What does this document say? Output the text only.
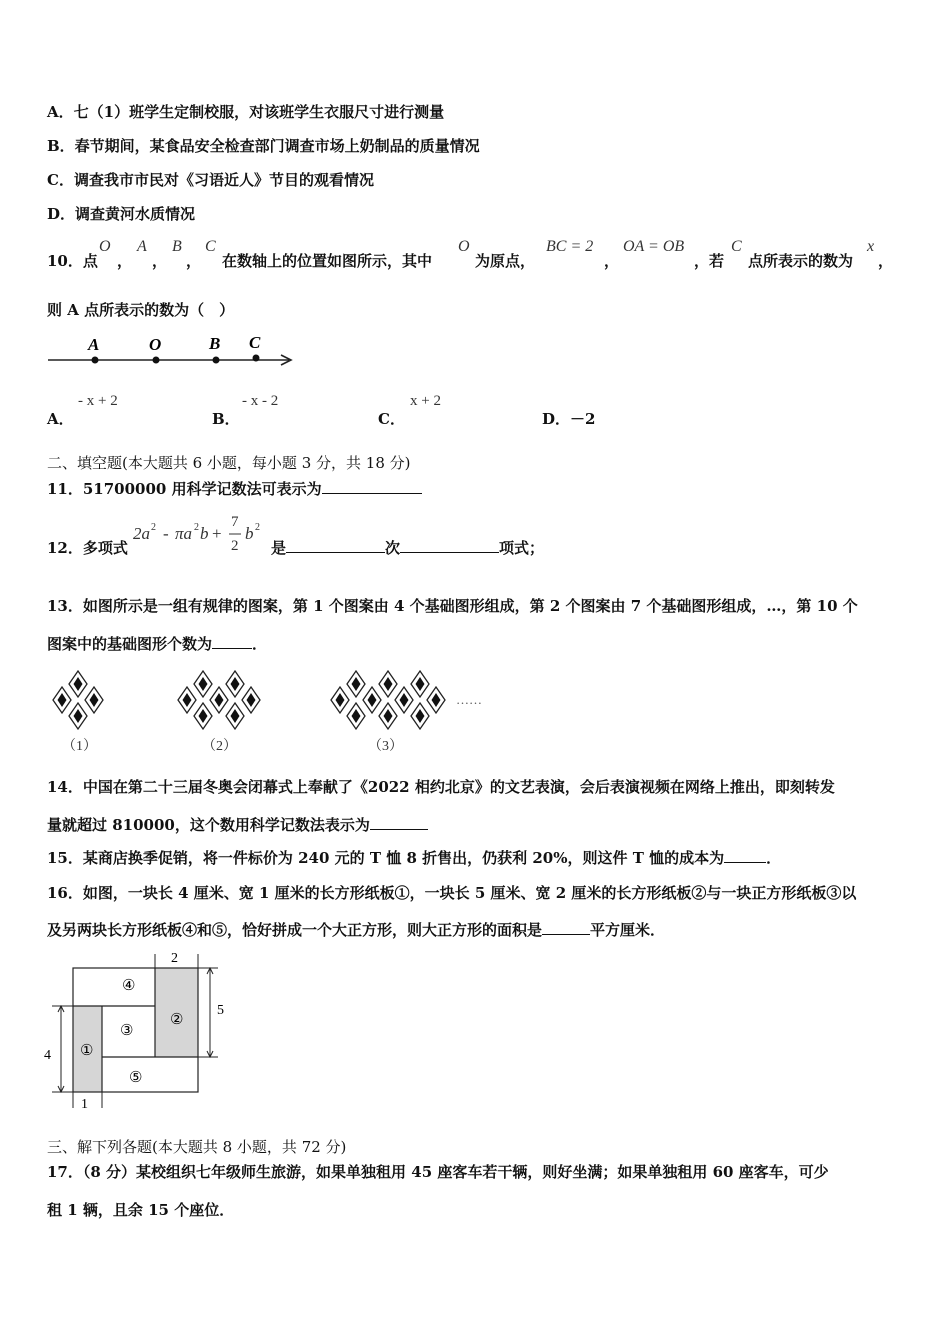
A．七（1）班学生定制校服，对该班学生衣服尺寸进行测量
B．春节期间，某食品安全检查部门调查市场上奶制品的质量情况
C．调查我市市民对《习语近人》节目的观看情况
D．调查黄河水质情况
10．点
O
，
A
，
B
，
C
在数轴上的位置如图所示，其中
O
为原点，
BC = 2
，
OA = OB
，若
C
点所表示的数为
x
，
则 A 点所表示的数为（　）
A	O	B C
A．
- x + 2
B．
- x - 2
C．
x + 2
D．－2
二、填空题(本大题共 6 小题，每小题 3 分，共 18 分)
11．51700000 用科学记数法可表示为
12．多项式
2a 2 - πa 2 b +
7
2
b 2
是	次	项式；
13．如图所示是一组有规律的图案，第 1 个图案由 4 个基础图形组成，第 2 个图案由 7 个基础图形组成，…，第 10 个
图案中的基础图形个数为	．
……
（1）	（2）	（3）
14．中国在第二十三届冬奥会闭幕式上奉献了《2022 相约北京》的文艺表演，会后表演视频在网络上推出，即刻转发
量就超过 810000，这个数用科学记数法表示为
15．某商店换季促销，将一件标价为 240 元的 T 恤 8 折售出，仍获利 20%，则这件 T 恤的成本为	．
16．如图，一块长 4 厘米、宽 1 厘米的长方形纸板①，一块长 5 厘米、宽 2 厘米的长方形纸板②与一块正方形纸板③以
及另两块长方形纸板④和⑤，恰好拼成一个大正方形，则大正方形的面积是	平方厘米．
④
②
③
①
⑤
4
5
2
1
三、解下列各题(本大题共 8 小题，共 72 分)
17．（8 分）某校组织七年级师生旅游，如果单独租用 45 座客车若干辆，则好坐满；如果单独租用 60 座客车，可少
租 1 辆，且余 15 个座位．
